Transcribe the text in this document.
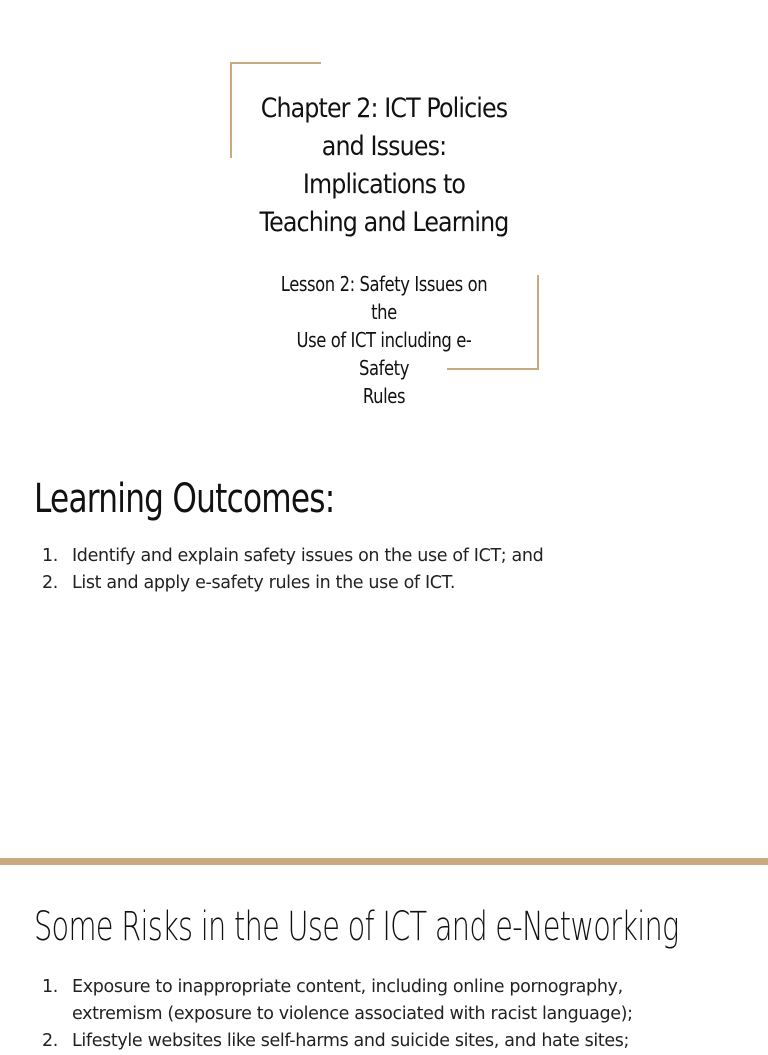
Chapter 2: ICT Policies
and Issues:
Implications to
Teaching and Learning
Lesson 2: Safety Issues on the
Use of ICT including e-Safety
Rules
Learning Outcomes:
1. Identify and explain safety issues on the use of ICT; and
2. List and apply e-safety rules in the use of ICT.
Some Risks in the Use of ICT and e-Networking
1. Exposure to inappropriate content, including online pornography, extremism (exposure to violence associated with racist language);
2. Lifestyle websites like self-harms and suicide sites, and hate sites;
